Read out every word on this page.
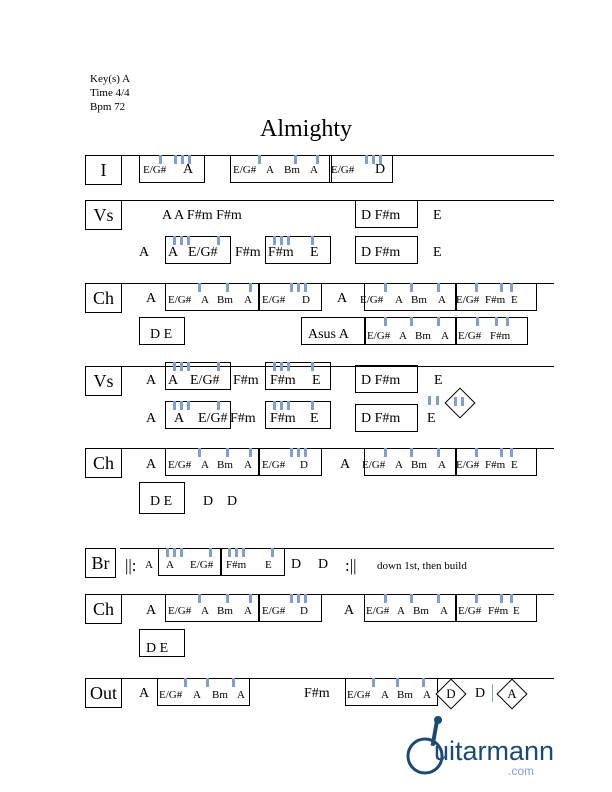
Key(s) A
Time 4/4
Bpm 72
Almighty
I	E/G# A	E/G# A Bm A E/G# D
Vs	A A F#m F#m	D F#m E
A A E/G# F#m F#m E	D F#m E
Ch	A E/G# A Bm A E/G# D A E/G# A Bm A E/G# F#m E
D E	Asus A E/G# A Bm A E/G# F#m
Vs	A A E/G# F#m F#m E	D F#m E
A A E/G# F#m F#m E	D F#m E
Ch	A E/G# A Bm A E/G# D A E/G# A Bm A E/G# F#m E
D E D D
Br ||: A A E/G# F#m E D D :|| down 1st, then build
Ch	A E/G# A Bm A E/G# D	A E/G# A Bm A E/G# F#m E
D E
Out	A E/G# A Bm A	F#m E/G# A Bm A	D	D	A
uitarmann
.com
